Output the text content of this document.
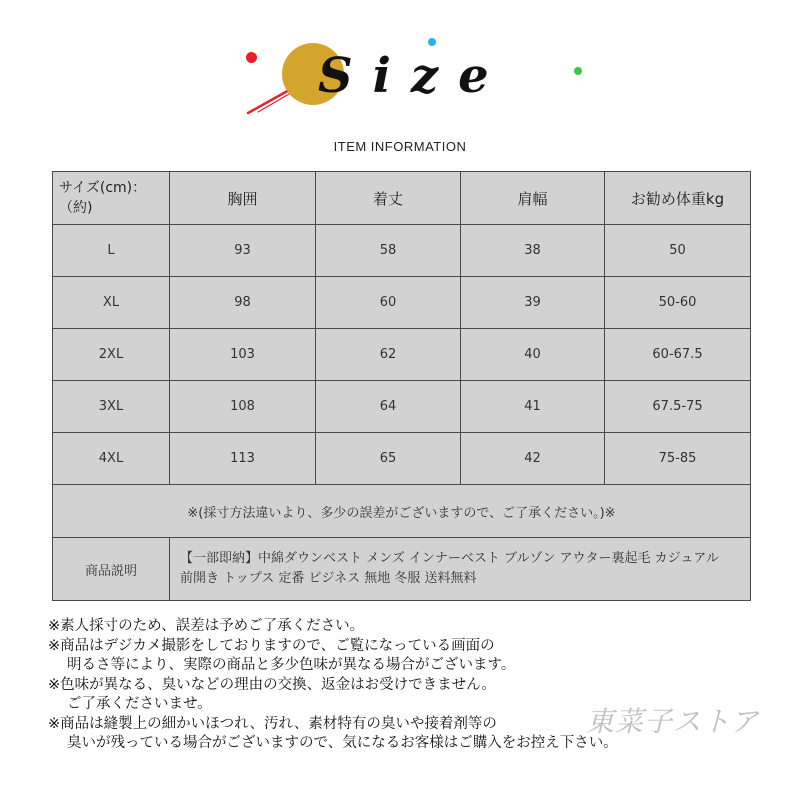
Size
ITEM INFORMATION
サイズ(cm)：
（約)	胸囲	着丈	肩幅	お勧め体重kg
L	93	58	38	50
XL	98	60	39	50-60
2XL	103	62	40	60-67.5
3XL	108	64	41	67.5-75
4XL	113	65	42	75-85
※(採寸方法違いより、多少の誤差がございますので、ご了承ください。)※				
商品説明	【一部即納】中綿ダウンベスト メンズ インナーベスト ブルゾン アウター裏起毛 カジュアル
前開き トップス 定番 ビジネス 無地 冬服 送料無料			
※素人採寸のため、誤差は予めご了承ください。
※商品はデジカメ撮影をしておりますので、ご覧になっている画面の
明るさ等により、実際の商品と多少色味が異なる場合がございます。
※色味が異なる、臭いなどの理由の交換、返金はお受けできません。
ご了承くださいませ。
※商品は縫製上の細かいほつれ、汚れ、素材特有の臭いや接着剤等の
臭いが残っている場合がございますので、気になるお客様はご購入をお控え下さい。
東菜子ストア
